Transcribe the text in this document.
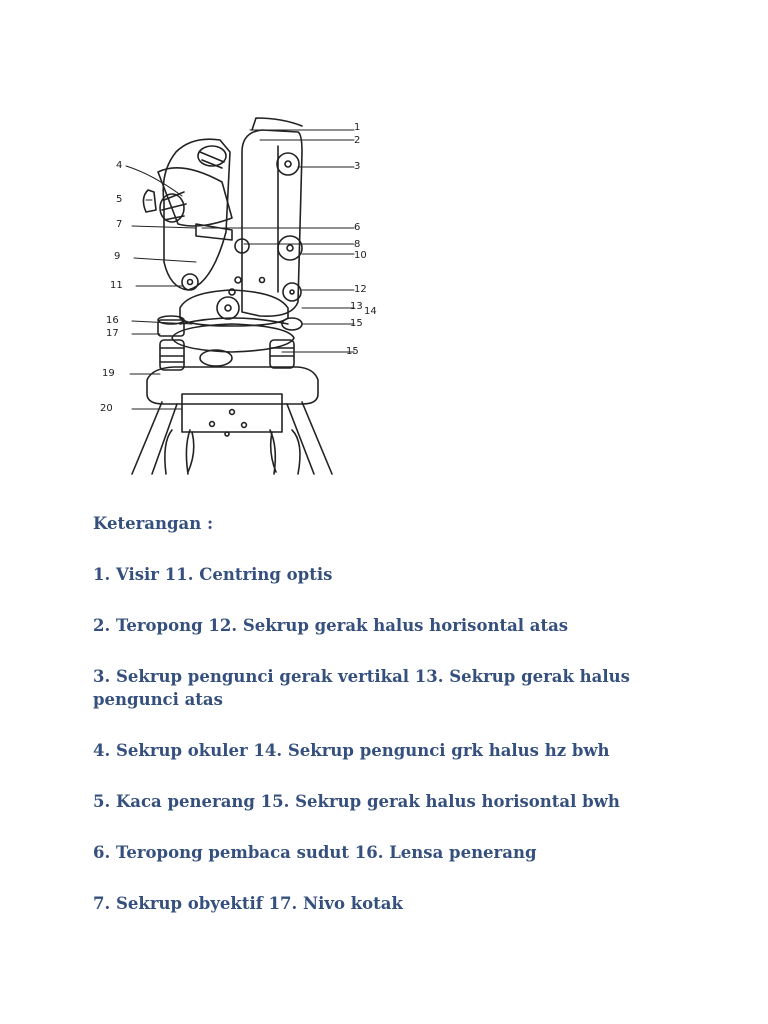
1
2
3
4
5
6
7
8
9	10
11	12
13 14
15
16
17
15
19
20
Keterangan :
1. Visir 11. Centring optis
2. Teropong 12. Sekrup gerak halus horisontal atas
3. Sekrup pengunci gerak vertikal 13. Sekrup gerak halus pengunci atas
4. Sekrup okuler 14. Sekrup pengunci grk halus hz bwh
5. Kaca penerang 15. Sekrup gerak halus horisontal bwh
6. Teropong pembaca sudut 16. Lensa penerang
7. Sekrup obyektif 17. Nivo kotak
